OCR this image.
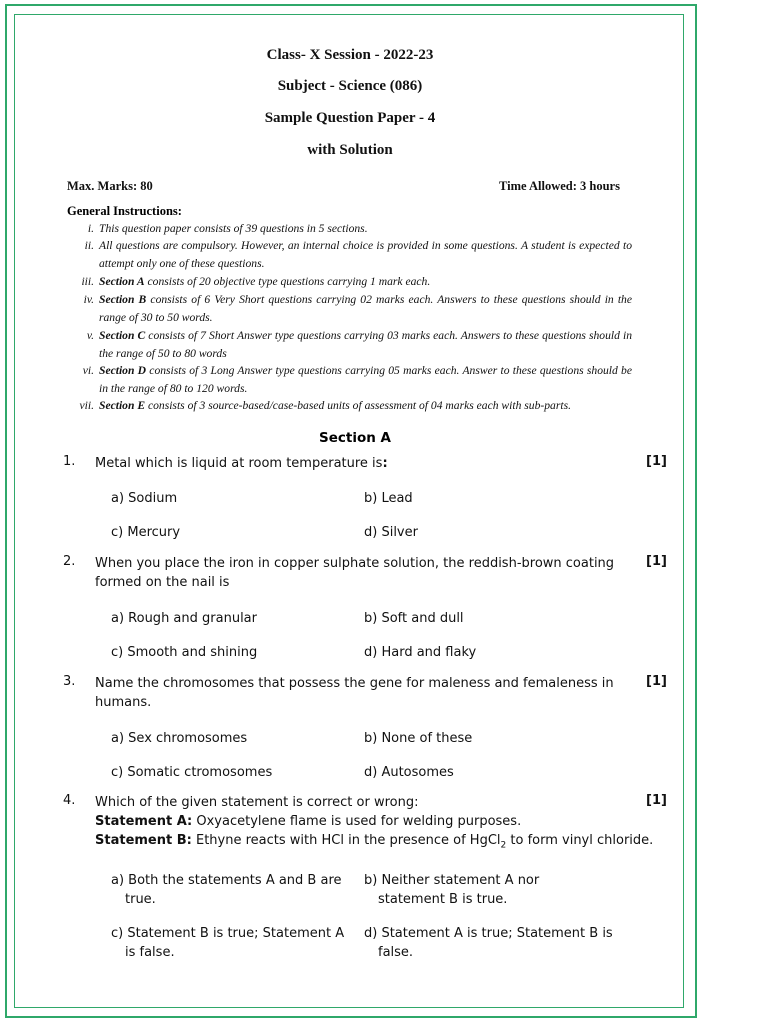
Class- X Session - 2022-23
Subject - Science (086)
Sample Question Paper - 4
with Solution
Max. Marks: 80	Time Allowed: 3 hours
General Instructions:
i. This question paper consists of 39 questions in 5 sections.
ii. All questions are compulsory. However, an internal choice is provided in some questions. A student is expected to attempt only one of these questions.
iii. Section A consists of 20 objective type questions carrying 1 mark each.
iv. Section B consists of 6 Very Short questions carrying 02 marks each. Answers to these questions should in the range of 30 to 50 words.
v. Section C consists of 7 Short Answer type questions carrying 03 marks each. Answers to these questions should in the range of 50 to 80 words
vi. Section D consists of 3 Long Answer type questions carrying 05 marks each. Answer to these questions should be in the range of 80 to 120 words.
vii. Section E consists of 3 source-based/case-based units of assessment of 04 marks each with sub-parts.
Section A
1. Metal which is liquid at room temperature is:	[1]
a) Sodium	b) Lead
c) Mercury	d) Silver
2. When you place the iron in copper sulphate solution, the reddish-brown coating formed on the nail is
[1]
a) Rough and granular	b) Soft and dull
c) Smooth and shining	d) Hard and flaky
3. Name the chromosomes that possess the gene for maleness and femaleness in humans.
[1]
a) Sex chromosomes	b) None of these
c) Somatic ctromosomes	d) Autosomes
4. Which of the given statement is correct or wrong:	[1]
Statement A: Oxyacetylene flame is used for welding purposes.
Statement B: Ethyne reacts with HCl in the presence of HgCl$_2$ to form vinyl chloride.
a) Both the statements A and B are true.
b) Neither statement A nor statement B is true.
c) Statement B is true; Statement A is false.
d) Statement A is true; Statement B is false.
